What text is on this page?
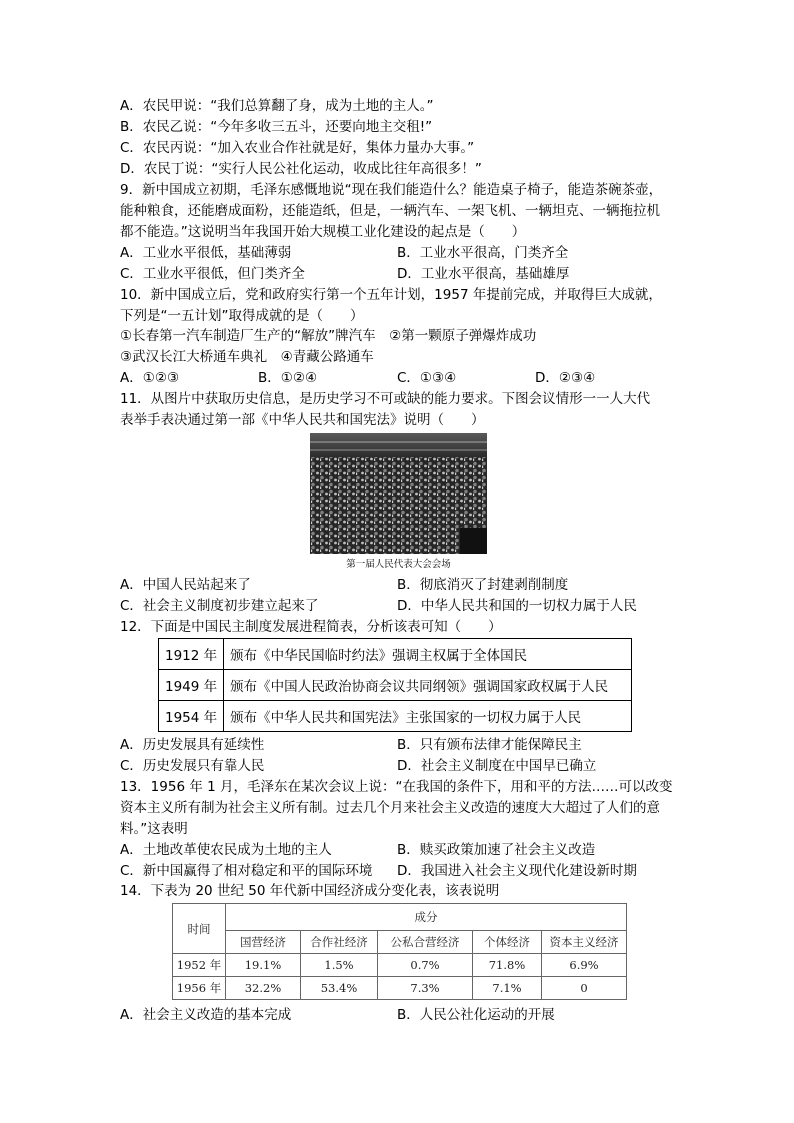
A．农民甲说：“我们总算翻了身，成为土地的主人。”
B．农民乙说：“今年多收三五斗，还要向地主交租!”
C．农民丙说：“加入农业合作社就是好，集体力量办大事。”
D．农民丁说：“实行人民公社化运动，收成比往年高很多！”
9．新中国成立初期，毛泽东感慨地说“现在我们能造什么？能造桌子椅子，能造茶碗茶壶，
能种粮食，还能磨成面粉，还能造纸，但是，一辆汽车、一架飞机、一辆坦克、一辆拖拉机
都不能造。”这说明当年我国开始大规模工业化建设的起点是（　　）
A．工业水平很低，基础薄弱	B．工业水平很高，门类齐全
C．工业水平很低，但门类齐全	D．工业水平很高，基础雄厚
10．新中国成立后，党和政府实行第一个五年计划，1957 年提前完成，并取得巨大成就，
下列是“一五计划”取得成就的是（　　）
①长春第一汽车制造厂生产的“解放”牌汽车　②第一颗原子弹爆炸成功
③武汉长江大桥通车典礼　④青藏公路通车
A．①②③	B．①②④	C．①③④	D．②③④
11．从图片中获取历史信息，是历史学习不可或缺的能力要求。下图会议情形一一人大代
表举手表决通过第一部《中华人民共和国宪法》说明（　　）
第一届人民代表大会会场
A．中国人民站起来了	B．彻底消灭了封建剥削制度
C．社会主义制度初步建立起来了	D．中华人民共和国的一切权力属于人民
12．下面是中国民主制度发展进程简表，分析该表可知（　　）
1912 年	颁布《中华民国临时约法》强调主权属于全体国民
1949 年	颁布《中国人民政治协商会议共同纲领》强调国家政权属于人民
1954 年	颁布《中华人民共和国宪法》主张国家的一切权力属于人民
A．历史发展具有延续性	B．只有颁布法律才能保障民主
C．历史发展只有靠人民	D．社会主义制度在中国早已确立
13．1956 年 1 月，毛泽东在某次会议上说：“在我国的条件下，用和平的方法……可以改变
资本主义所有制为社会主义所有制。过去几个月来社会主义改造的速度大大超过了人们的意
料。”这表明
A．土地改革使农民成为土地的主人	B．赎买政策加速了社会主义改造
C．新中国赢得了相对稳定和平的国际环境 D．我国进入社会主义现代化建设新时期
14．下表为 20 世纪 50 年代新中国经济成分变化表，该表说明
时间	成分				
	国营经济	合作社经济	公私合营经济	个体经济	资本主义经济
1952 年	19.1%	1.5%	0.7%	71.8%	6.9%
1956 年	32.2%	53.4%	7.3%	7.1%	0
A．社会主义改造的基本完成	B．人民公社化运动的开展
